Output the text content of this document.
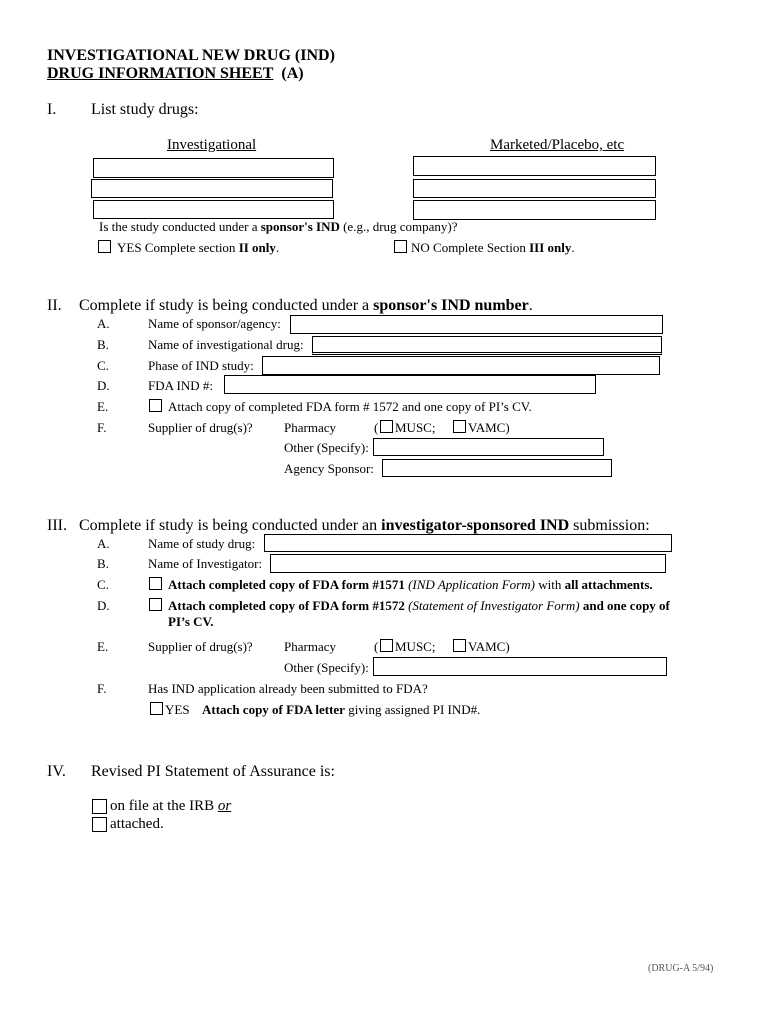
INVESTIGATIONAL NEW DRUG (IND)
DRUG INFORMATION SHEET (A)
I. List study drugs:
Investigational	Marketed/Placebo, etc
Is the study conducted under a sponsor's IND (e.g., drug company)?
YES Complete section II only.	NO Complete Section III only.
II. Complete if study is being conducted under a sponsor's IND number.
A.	Name of sponsor/agency:
B.	Name of investigational drug:
C.	Phase of IND study:
D.	FDA IND #:
E.	Attach copy of completed FDA form # 1572 and one copy of PI’s CV.
F.	Supplier of drug(s)? Pharmacy	( MUSC;	VAMC)
Other (Specify):
Agency Sponsor:
III. Complete if study is being conducted under an investigator-sponsored IND submission:
A.	Name of study drug:
B.	Name of Investigator:
C.	Attach completed copy of FDA form #1571 (IND Application Form) with all attachments.
D.	Attach completed copy of FDA form #1572 (Statement of Investigator Form) and one copy of
PI’s CV.
E.	Supplier of drug(s)? Pharmacy	( MUSC;	VAMC)
Other (Specify):
F.	Has IND application already been submitted to FDA?
YES Attach copy of FDA letter giving assigned PI IND#.
IV. Revised PI Statement of Assurance is:
on file at the IRB or
attached.
(DRUG-A 5/94)
